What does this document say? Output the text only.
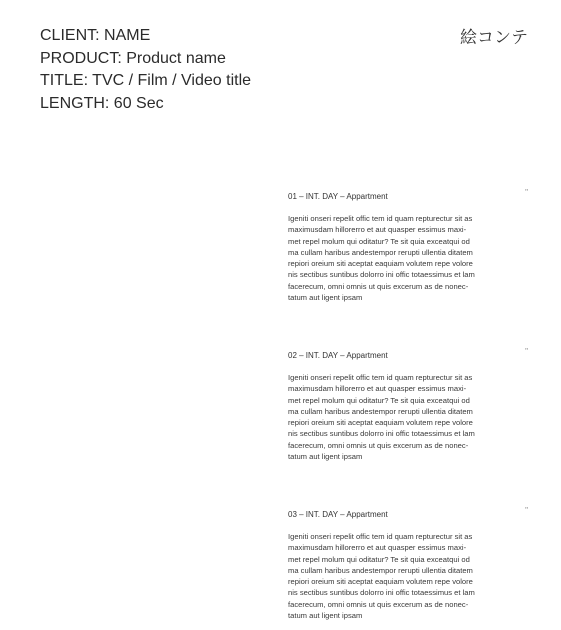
CLIENT: NAME
PRODUCT: Product name
TITLE: TVC / Film / Video title
LENGTH: 60 Sec
絵コンテ
01 – INT. DAY – Appartment	"
Igeniti onseri repelit offic tem id quam repturectur sit as
maximusdam hillorerro et aut quasper essimus maxi-
met repel molum qui oditatur? Te sit quia exceatqui od
ma cullam haribus andestempor rerupti ullentia ditatem
repiori oreium siti aceptat eaquiam volutem repe volore
nis sectibus suntibus dolorro ini offic totaessimus et lam
facerecum, omni omnis ut quis excerum as de nonec-
tatum aut ligent ipsam
02 – INT. DAY – Appartment	"
Igeniti onseri repelit offic tem id quam repturectur sit as
maximusdam hillorerro et aut quasper essimus maxi-
met repel molum qui oditatur? Te sit quia exceatqui od
ma cullam haribus andestempor rerupti ullentia ditatem
repiori oreium siti aceptat eaquiam volutem repe volore
nis sectibus suntibus dolorro ini offic totaessimus et lam
facerecum, omni omnis ut quis excerum as de nonec-
tatum aut ligent ipsam
03 – INT. DAY – Appartment	"
Igeniti onseri repelit offic tem id quam repturectur sit as
maximusdam hillorerro et aut quasper essimus maxi-
met repel molum qui oditatur? Te sit quia exceatqui od
ma cullam haribus andestempor rerupti ullentia ditatem
repiori oreium siti aceptat eaquiam volutem repe volore
nis sectibus suntibus dolorro ini offic totaessimus et lam
facerecum, omni omnis ut quis excerum as de nonec-
tatum aut ligent ipsam
